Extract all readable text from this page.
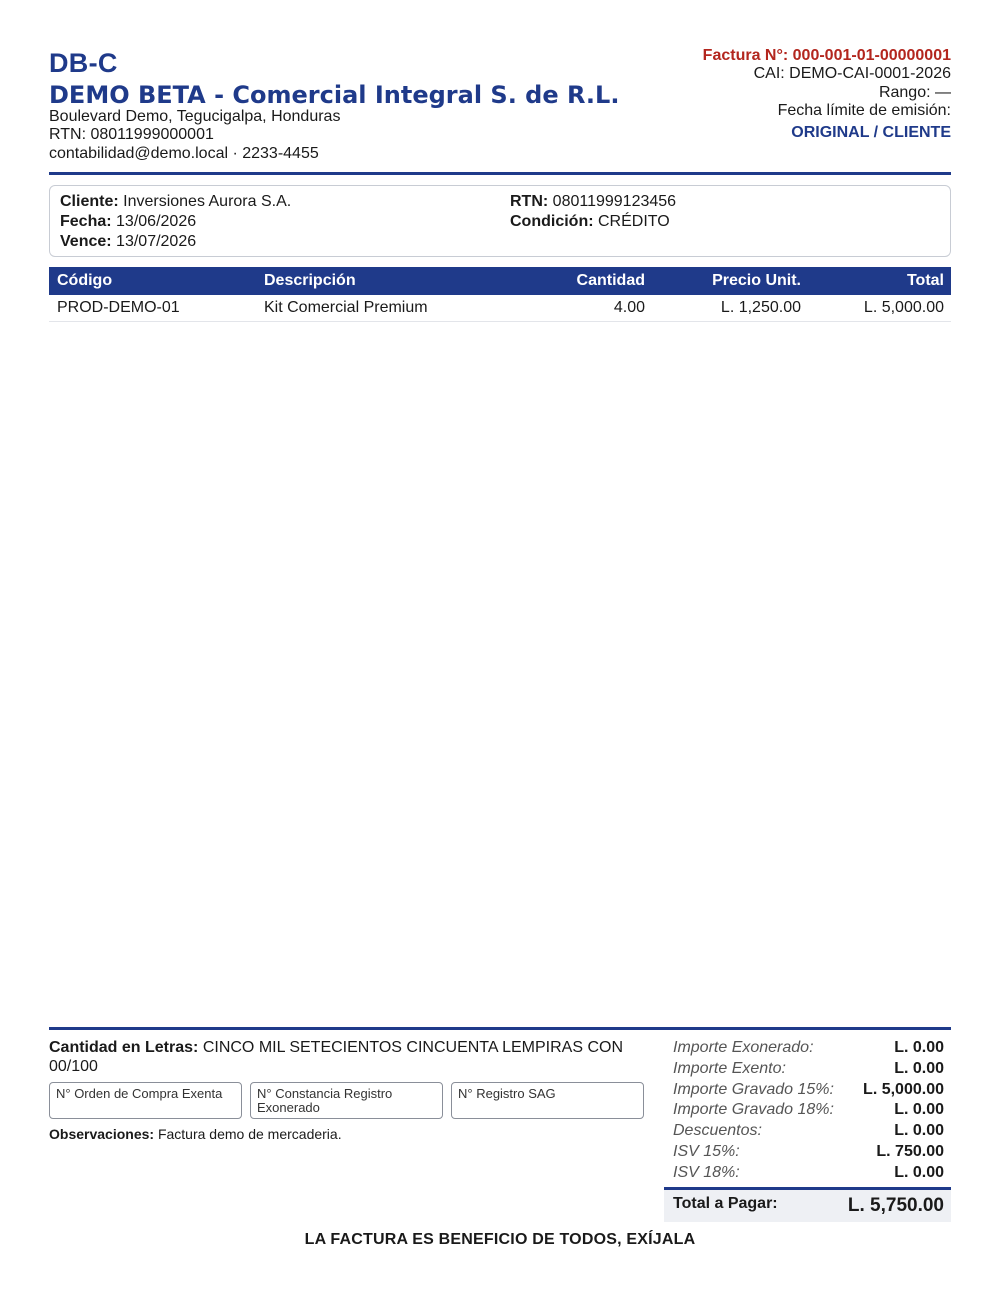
DB-C
DEMO BETA - Comercial Integral S. de R.L.
Boulevard Demo, Tegucigalpa, Honduras
RTN: 08011999000001
contabilidad@demo.local · 2233-4455
Factura N°: 000-001-01-00000001
CAI: DEMO-CAI-0001-2026
Rango: —
Fecha límite de emisión:
ORIGINAL / CLIENTE
Cliente: Inversiones Aurora S.A.
Fecha: 13/06/2026
Vence: 13/07/2026
RTN: 08011999123456
Condición: CRÉDITO
Código	Descripción	Cantidad	Precio Unit.	Total
PROD-DEMO-01	Kit Comercial Premium	4.00	L. 1,250.00	L. 5,000.00
Cantidad en Letras: CINCO MIL SETECIENTOS CINCUENTA LEMPIRAS CON 00/100
N° Orden de Compra Exenta	N° Constancia Registro Exonerado
N° Registro SAG
Observaciones: Factura demo de mercaderia.
Importe Exonerado:	L. 0.00
Importe Exento:	L. 0.00
Importe Gravado 15%: L. 5,000.00
Importe Gravado 18%:	L. 0.00
Descuentos:	L. 0.00
ISV 15%:	L. 750.00
ISV 18%:	L. 0.00
Total a Pagar:	L. 5,750.00
LA FACTURA ES BENEFICIO DE TODOS, EXÍJALA
